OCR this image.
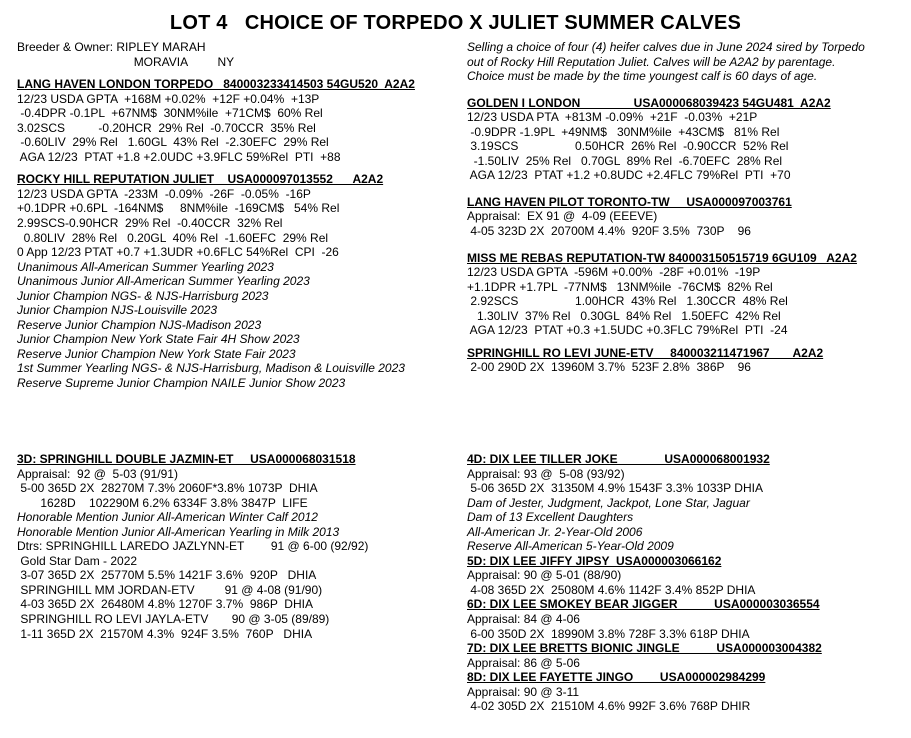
LOT 4   CHOICE OF TORPEDO X JULIET SUMMER CALVES
Breeder & Owner: RIPLEY MARAH
MORAVIA         NY
LANG HAVEN LONDON TORPEDO   840003233414503 54GU520  A2A2
12/23 USDA GPTA  +168M +0.02%  +12F +0.04%  +13P
-0.4DPR -0.1PL  +67NM$  30NM%ile  +71CM$  60% Rel
3.02SCS          -0.20HCR  29% Rel  -0.70CCR  35% Rel
-0.60LIV  29% Rel   1.60GL  43% Rel  -2.30EFC  29% Rel
AGA 12/23  PTAT +1.8 +2.0UDC +3.9FLC 59%Rel  PTI  +88
ROCKY HILL REPUTATION JULIET    USA000097013552      A2A2
12/23 USDA GPTA  -233M  -0.09%  -26F  -0.05%  -16P
+0.1DPR +0.6PL  -164NM$     8NM%ile  -169CM$   54% Rel
2.99SCS-0.90HCR  29% Rel  -0.40CCR  32% Rel
0.80LIV  28% Rel   0.20GL  40% Rel  -1.60EFC  29% Rel
0 App 12/23 PTAT +0.7 +1.3UDR +0.6FLC 54%Rel  CPI  -26
Unanimous All-American Summer Yearling 2023
Unanimous Junior All-American Summer Yearling 2023
Junior Champion NGS- & NJS-Harrisburg 2023
Junior Champion NJS-Louisville 2023
Reserve Junior Champion NJS-Madison 2023
Junior Champion New York State Fair 4H Show 2023
Reserve Junior Champion New York State Fair 2023
1st Summer Yearling NGS- & NJS-Harrisburg, Madison & Louisville 2023
Reserve Supreme Junior Champion NAILE Junior Show 2023
Selling a choice of four (4) heifer calves due in June 2024 sired by Torpedo
out of Rocky Hill Reputation Juliet. Calves will be A2A2 by parentage.
Choice must be made by the time youngest calf is 60 days of age.
GOLDEN I LONDON                USA000068039423 54GU481  A2A2
12/23 USDA PTA  +813M -0.09%  +21F  -0.03%  +21P
-0.9DPR -1.9PL  +49NM$   30NM%ile  +43CM$   81% Rel
3.19SCS                 0.50HCR  26% Rel  -0.90CCR  52% Rel
-1.50LIV  25% Rel   0.70GL  89% Rel  -6.70EFC  28% Rel
AGA 12/23  PTAT +1.2 +0.8UDC +2.4FLC 79%Rel  PTI  +70
LANG HAVEN PILOT TORONTO-TW     USA000097003761
Appraisal:  EX 91 @  4-09 (EEEVE)
4-05 323D 2X  20700M 4.4%  920F 3.5%  730P    96
MISS ME REBAS REPUTATION-TW 840003150515719 6GU109   A2A2
12/23 USDA GPTA  -596M +0.00%  -28F +0.01%  -19P
+1.1DPR +1.7PL  -77NM$   13NM%ile  -76CM$  82% Rel
2.92SCS                 1.00HCR  43% Rel   1.30CCR  48% Rel
1.30LIV  37% Rel   0.30GL  84% Rel   1.50EFC  42% Rel
AGA 12/23  PTAT +0.3 +1.5UDC +0.3FLC 79%Rel  PTI  -24
SPRINGHILL RO LEVI JUNE-ETV     840003211471967       A2A2
2-00 290D 2X  13960M 3.7%  523F 2.8%  386P    96
3D: SPRINGHILL DOUBLE JAZMIN-ET     USA000068031518
Appraisal:  92 @  5-03 (91/91)
5-00 365D 2X  28270M 7.3% 2060F*3.8% 1073P  DHIA
1628D    102290M 6.2% 6334F 3.8% 3847P  LIFE
Honorable Mention Junior All-American Winter Calf 2012
Honorable Mention Junior All-American Yearling in Milk 2013
Dtrs: SPRINGHILL LAREDO JAZLYNN-ET        91 @ 6-00 (92/92)
Gold Star Dam - 2022
3-07 365D 2X  25770M 5.5% 1421F 3.6%  920P   DHIA
SPRINGHILL MM JORDAN-ETV         91 @ 4-08 (91/90)
4-03 365D 2X  26480M 4.8% 1270F 3.7%  986P  DHIA
SPRINGHILL RO LEVI JAYLA-ETV       90 @ 3-05 (89/89)
1-11 365D 2X  21570M 4.3%  924F 3.5%  760P   DHIA
4D: DIX LEE TILLER JOKE              USA000068001932
Appraisal: 93 @  5-08 (93/92)
5-06 365D 2X  31350M 4.9% 1543F 3.3% 1033P DHIA
Dam of Jester, Judgment, Jackpot, Lone Star, Jaguar
Dam of 13 Excellent Daughters
All-American Jr. 2-Year-Old 2006
Reserve All-American 5-Year-Old 2009
5D: DIX LEE JIFFY JIPSY  USA000003066162
Appraisal: 90 @ 5-01 (88/90)
4-08 365D 2X  25080M 4.6% 1142F 3.4% 852P DHIA
6D: DIX LEE SMOKEY BEAR JIGGER           USA000003036554
Appraisal: 84 @ 4-06
6-00 350D 2X  18990M 3.8% 728F 3.3% 618P DHIA
7D: DIX LEE BRETTS BIONIC JINGLE           USA000003004382
Appraisal: 86 @ 5-06
8D: DIX LEE FAYETTE JINGO        USA000002984299
Appraisal: 90 @ 3-11
4-02 305D 2X  21510M 4.6% 992F 3.6% 768P DHIR
